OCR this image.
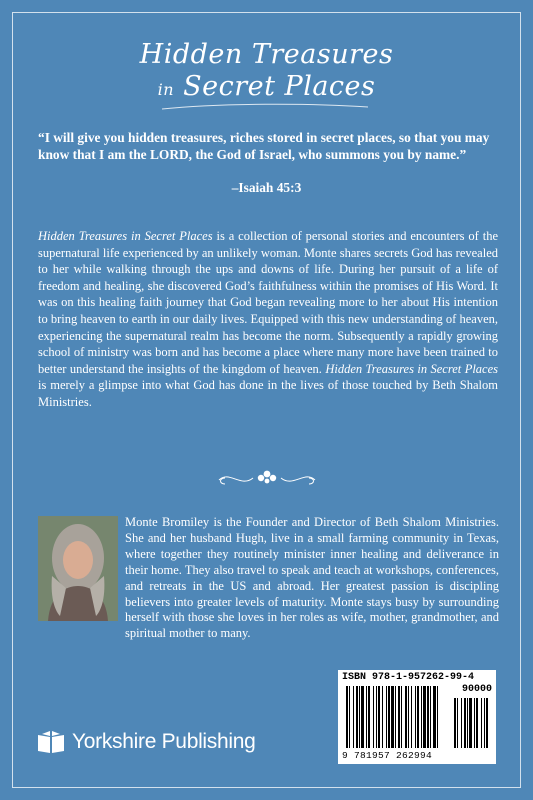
Hidden Treasures
in Secret Places
“I will give you hidden treasures, riches stored in secret places, so that you may know that I am the LORD, the God of Israel, who summons you by name.”
–Isaiah 45:3
Hidden Treasures in Secret Places is a collection of personal stories and encounters of the supernatural life experienced by an unlikely woman. Monte shares secrets God has revealed to her while walking through the ups and downs of life. During her pursuit of a life of freedom and healing, she discovered God’s faithfulness within the promises of His Word. It was on this healing faith journey that God began revealing more to her about His intention to bring heaven to earth in our daily lives. Equipped with this new understanding of heaven, experiencing the supernatural realm has become the norm. Subsequently a rapidly growing school of ministry was born and has become a place where many more have been trained to better understand the insights of the kingdom of heaven. Hidden Treasures in Secret Places is merely a glimpse into what God has done in the lives of those touched by Beth Shalom Ministries.
Monte Bromiley is the Founder and Director of Beth Shalom Ministries. She and her husband Hugh, live in a small farming community in Texas, where together they routinely minister inner healing and deliverance in their home. They also travel to speak and teach at workshops, conferences, and retreats in the US and abroad. Her greatest passion is discipling believers into greater levels of maturity. Monte stays busy by surrounding herself with those she loves in her roles as wife, mother, grandmother, and spiritual mother to many.
Yorkshire Publishing
ISBN 978-1-957262-99-4
90000
9 781957 262994
